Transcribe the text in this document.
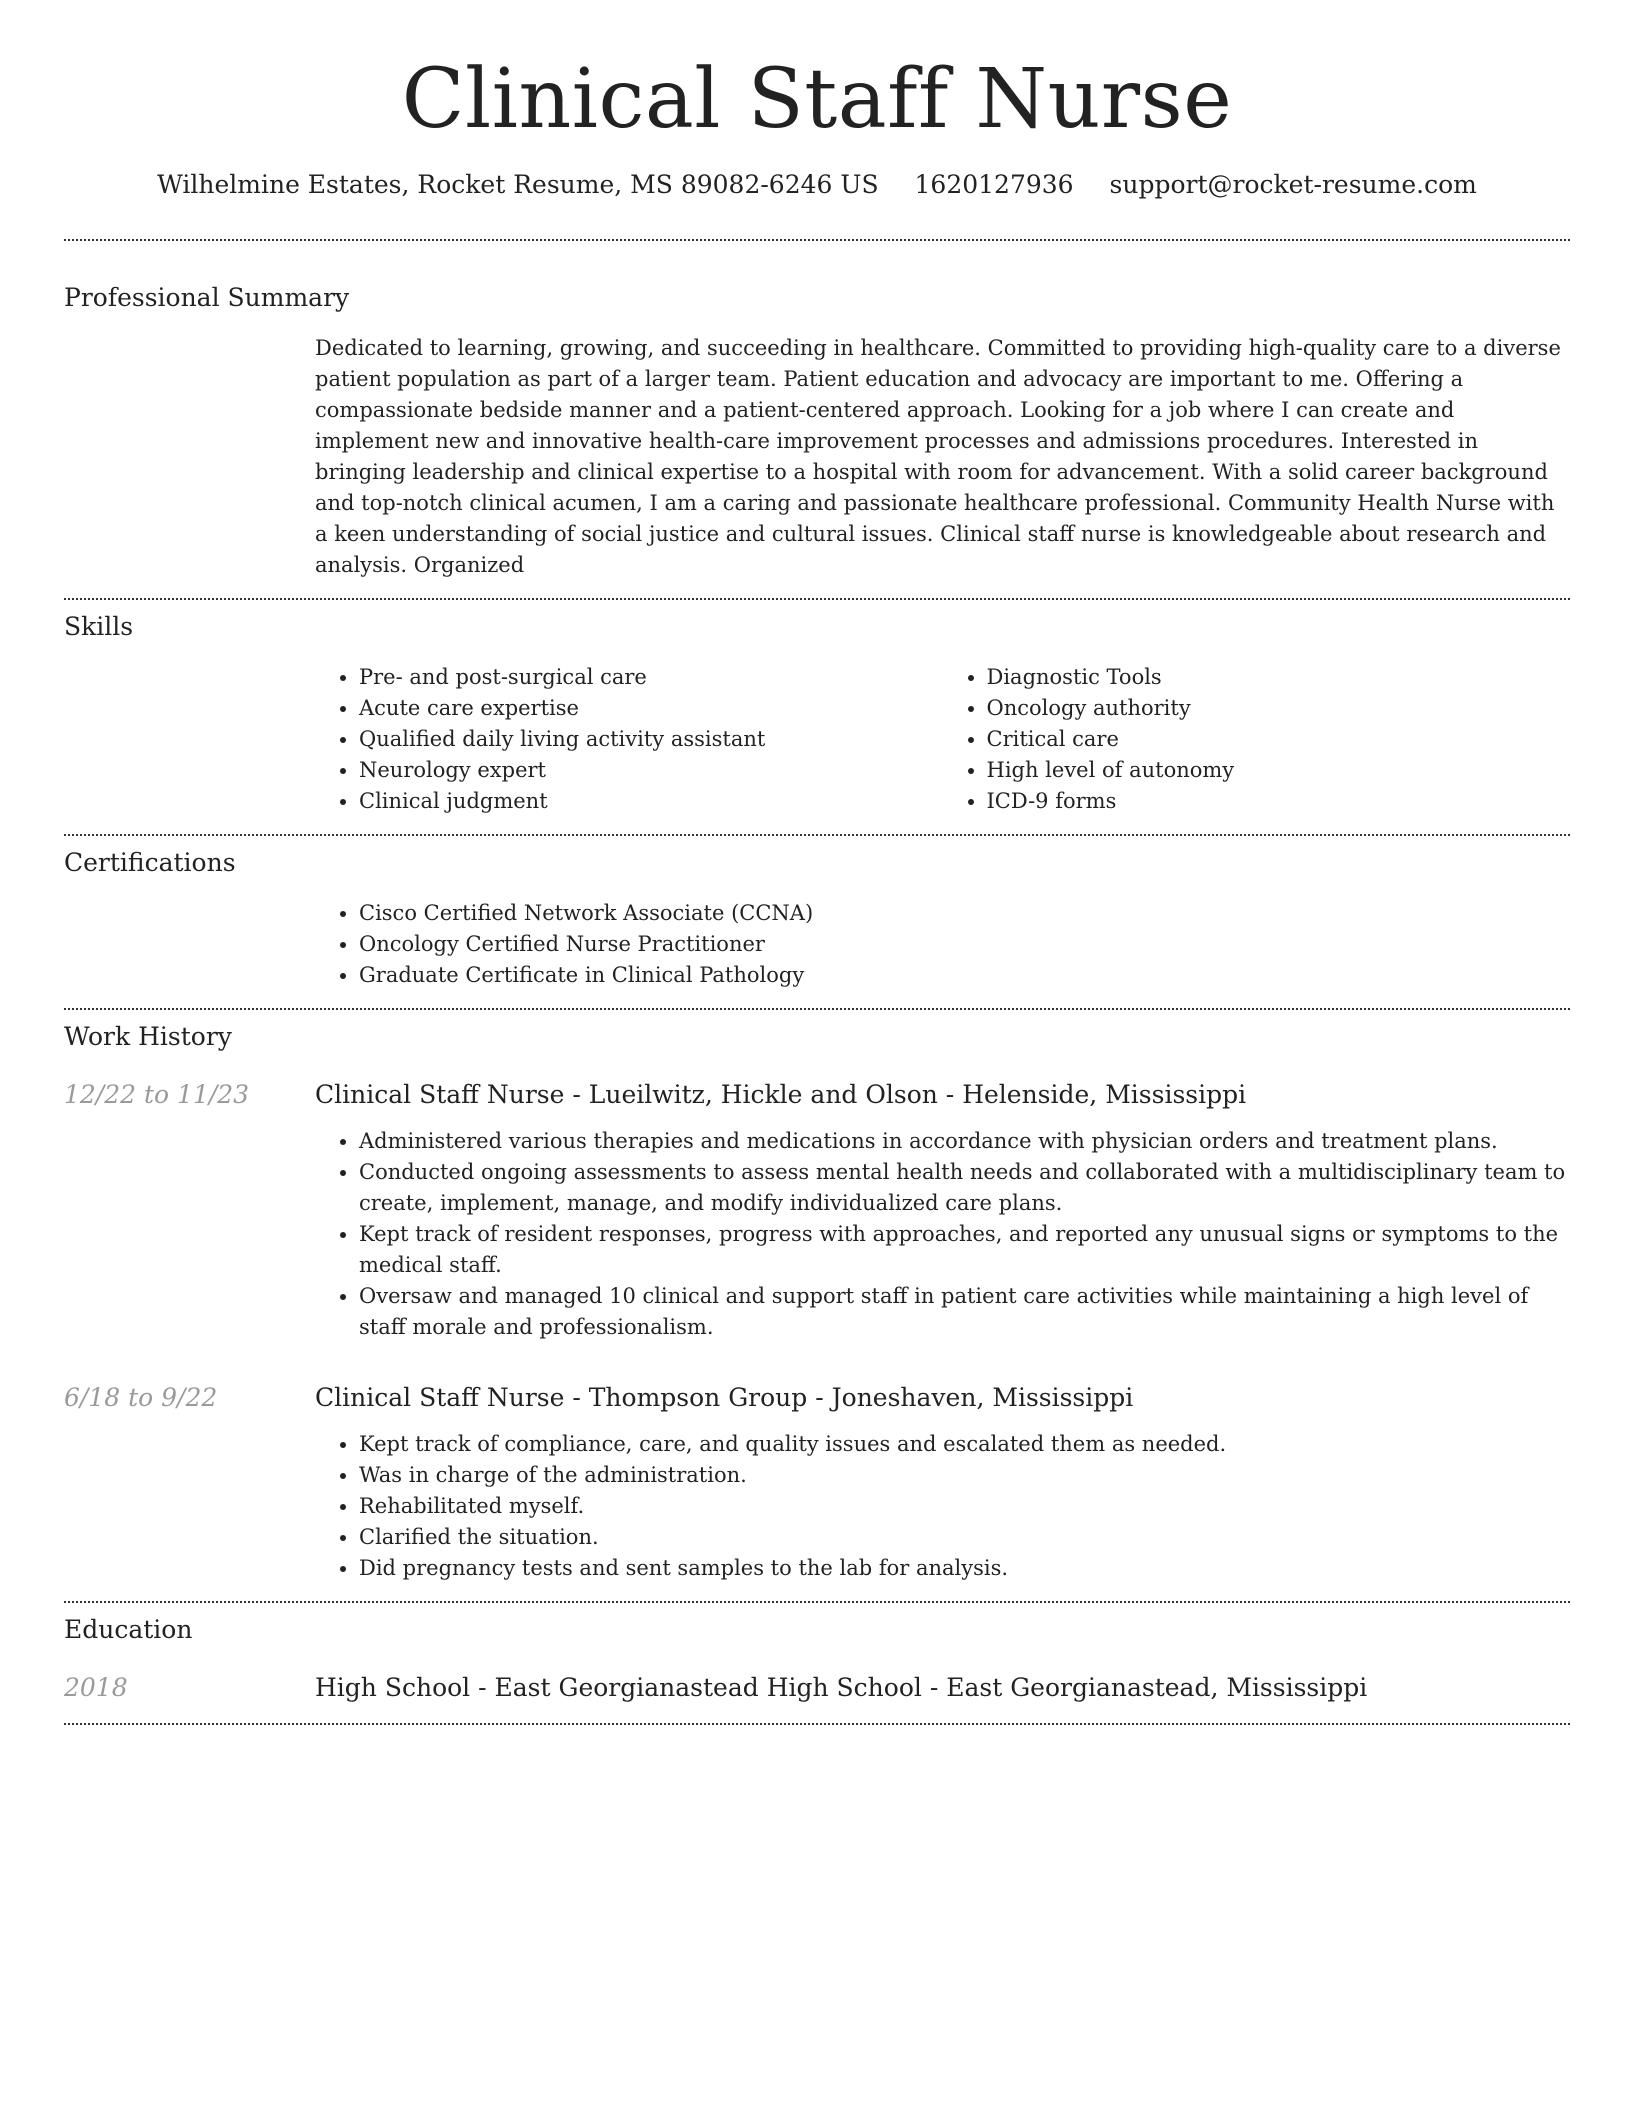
Clinical Staff Nurse
Wilhelmine Estates, Rocket Resume, MS 89082-6246 US 1620127936 support@rocket-resume.com
Professional Summary

Dedicated to learning, growing, and succeeding in healthcare. Committed to providing high-quality care to a diverse patient population as part of a larger team. Patient education and advocacy are important to me. Offering a compassionate bedside manner and a patient-centered approach. Looking for a job where I can create and implement new and innovative health-care improvement processes and admissions procedures. Interested in bringing leadership and clinical expertise to a hospital with room for advancement. With a solid career background and top-notch clinical acumen, I am a caring and passionate healthcare professional. Community Health Nurse with a keen understanding of social justice and cultural issues. Clinical staff nurse is knowledgeable about research and analysis. Organized

Skills
• Pre- and post-surgical care
• Acute care expertise
• Qualified daily living activity assistant
• Neurology expert
• Clinical judgment
• Diagnostic Tools
• Oncology authority
• Critical care
• High level of autonomy
• ICD-9 forms
Certifications
• Cisco Certified Network Associate (CCNA)
• Oncology Certified Nurse Practitioner
• Graduate Certificate in Clinical Pathology
Work History
12/22 to 11/23	Clinical Staff Nurse - Lueilwitz, Hickle and Olson - Helenside, Mississippi
• Administered various therapies and medications in accordance with physician orders and treatment plans.
• Conducted ongoing assessments to assess mental health needs and collaborated with a multidisciplinary team to create, implement, manage, and modify individualized care plans.
• Kept track of resident responses, progress with approaches, and reported any unusual signs or symptoms to the medical staff.
• Oversaw and managed 10 clinical and support staff in patient care activities while maintaining a high level of staff morale and professionalism.
6/18 to 9/22	Clinical Staff Nurse - Thompson Group - Joneshaven, Mississippi
• Kept track of compliance, care, and quality issues and escalated them as needed.
• Was in charge of the administration.
• Rehabilitated myself.
• Clarified the situation.
• Did pregnancy tests and sent samples to the lab for analysis.
Education
2018	High School - East Georgianastead High School - East Georgianastead, Mississippi
